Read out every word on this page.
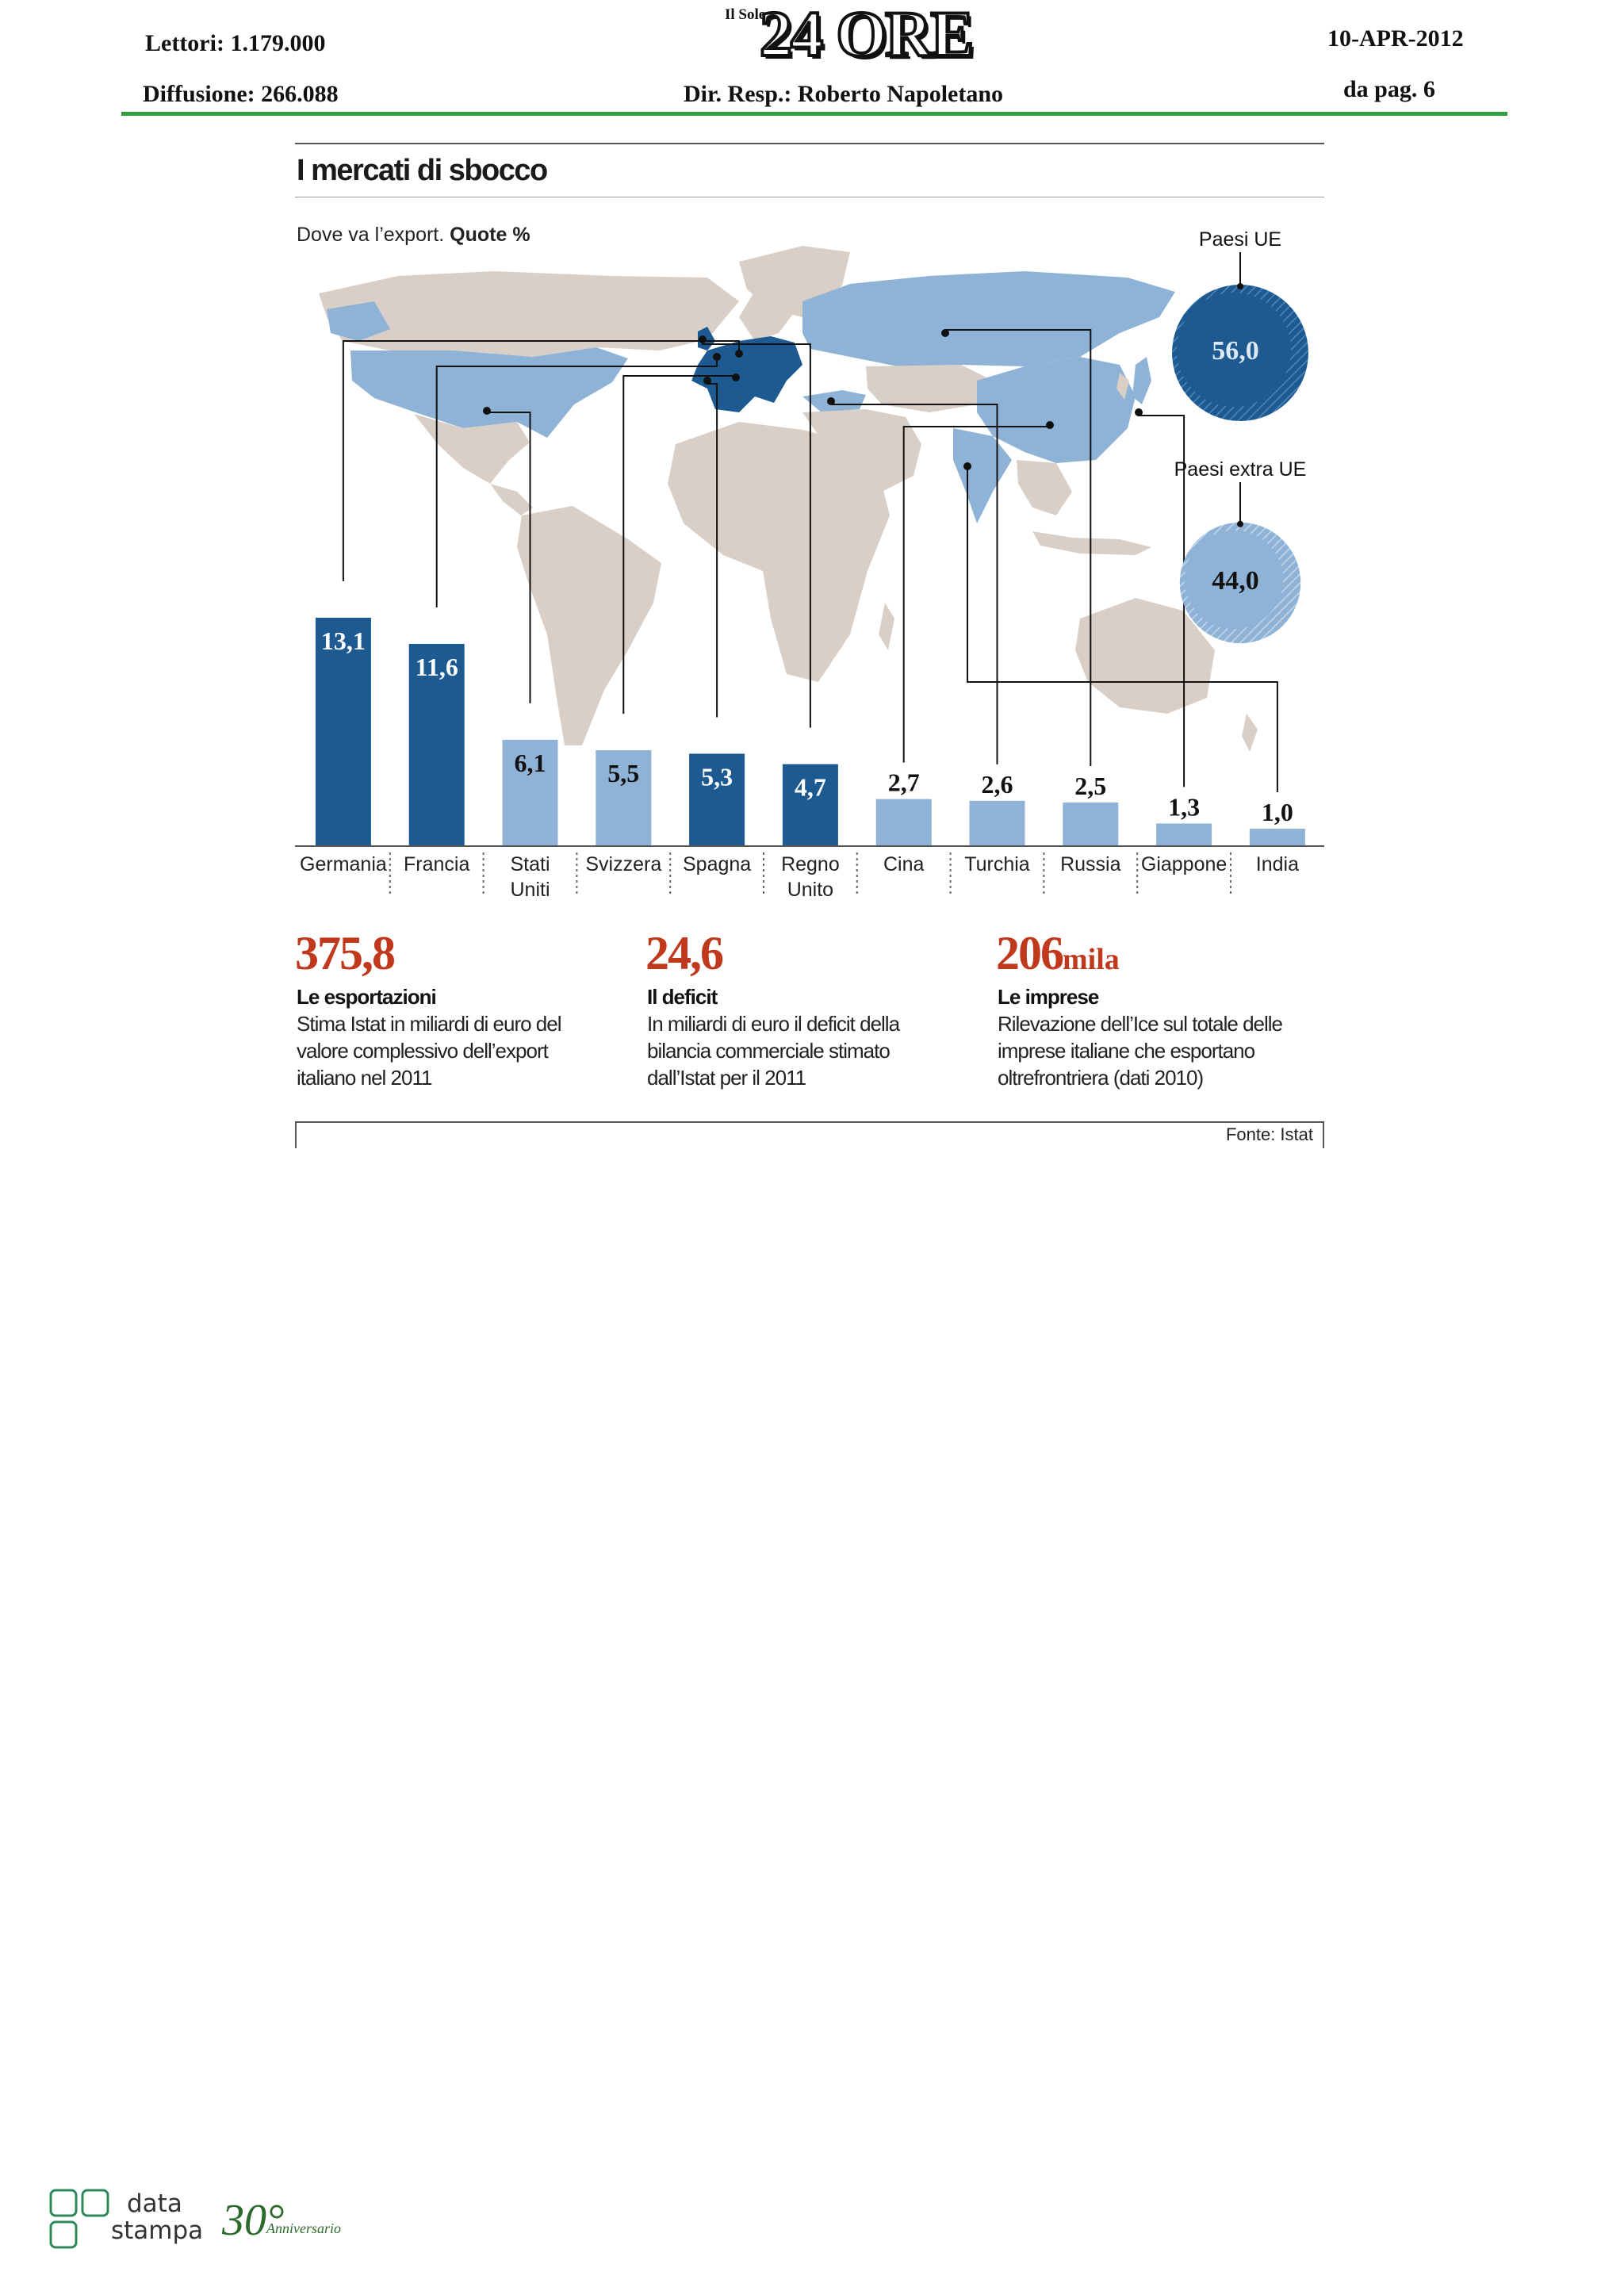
Lettori: 1.179.000
Diffusione: 266.088
Il Sole
24 ORE
Dir. Resp.: Roberto Napoletano
10-APR-2012
da pag. 6
I mercati di sbocco
Dove va l’export. Quote %
56,0
Paesi UE
44,0
Paesi extra UE
13,1
11,6
6,1 5,5 5,3 4,7 2,7 2,6 2,5
1,3 1,0
Germania Francia Stati
Uniti
Svizzera Spagna Regno
Unito
Cina Turchia Russia Giappone India
375,8
Le esportazioni
Stima Istat in miliardi di euro del
valore complessivo dell’export
italiano nel 2011
24,6
Il deficit
In miliardi di euro il deficit della
bilancia commerciale stimato
dall’Istat per il 2011
206mila
Le imprese
Rilevazione dell’Ice sul totale delle
imprese italiane che esportano
oltrefrontriera (dati 2010)
Fonte: Istat
data
stampa 30°
Anniversario
